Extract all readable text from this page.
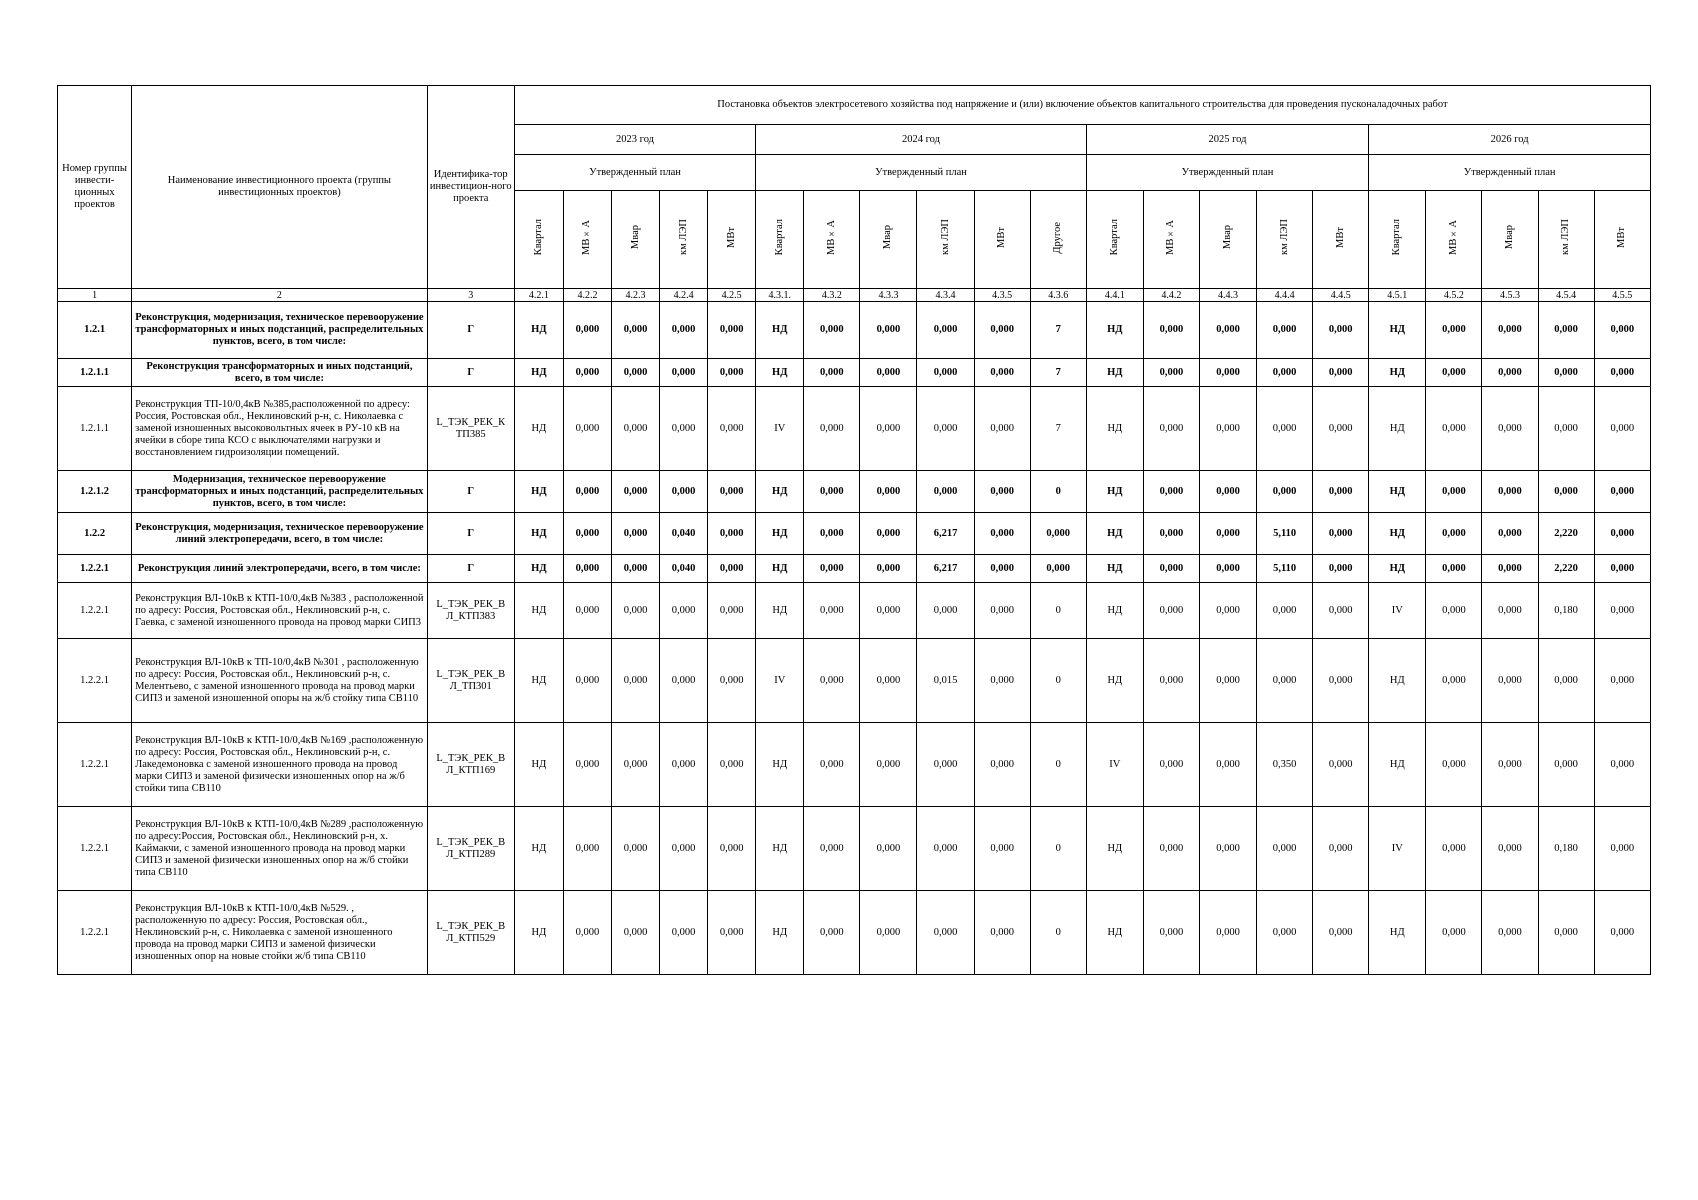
Номер группы инвести-ционных проектов	Наименование инвестиционного проекта (группы инвестиционных проектов)	Идентифика-тор инвестицион-ного проекта	Постановка объектов электросетевого хозяйства под напряжение и (или) включение объектов капитального строительства для проведения пусконаладочных работ																				
			2023 год					2024 год						2025 год					2026 год				
			Утвержденный план					Утвержденный план						Утвержденный план					Утвержденный план				
			Квартал	МВ×А	Мвар	км ЛЭП	МВт	Квартал	МВ×А	Мвар	км ЛЭП	МВт	Другое	Квартал	МВ×А	Мвар	км ЛЭП	МВт	Квартал	МВ×А	Мвар	км ЛЭП	МВт
1	2	3	4.2.1	4.2.2	4.2.3	4.2.4	4.2.5	4.3.1.	4.3.2	4.3.3	4.3.4	4.3.5	4.3.6	4.4.1	4.4.2	4.4.3	4.4.4	4.4.5	4.5.1	4.5.2	4.5.3	4.5.4	4.5.5
1.2.1	Реконструкция, модернизация, техническое перевооружение трансформаторных и иных подстанций, распределительных пунктов, всего, в том числе:	Г	НД	0,000	0,000	0,000	0,000	НД	0,000	0,000	0,000	0,000	7	НД	0,000	0,000	0,000	0,000	НД	0,000	0,000	0,000	0,000
1.2.1.1	Реконструкция трансформаторных и иных подстанций, всего, в том числе:	Г	НД	0,000	0,000	0,000	0,000	НД	0,000	0,000	0,000	0,000	7	НД	0,000	0,000	0,000	0,000	НД	0,000	0,000	0,000	0,000
1.2.1.1	Реконструкция ТП-10/0,4кВ №385,расположенной по адресу: Россия, Ростовская обл., Неклиновский р-н, с. Николаевка с заменой изношенных высоковольтных ячеек в РУ-10 кВ на ячейки в сборе типа КСО с выключателями нагрузки и восстановлением гидроизоляции помещений.	L_ТЭК_РЕК_К ТП385	НД	0,000	0,000	0,000	0,000	IV	0,000	0,000	0,000	0,000	7	НД	0,000	0,000	0,000	0,000	НД	0,000	0,000	0,000	0,000
1.2.1.2	Модернизация, техническое перевооружение трансформаторных и иных подстанций, распределительных пунктов, всего, в том числе:	Г	НД	0,000	0,000	0,000	0,000	НД	0,000	0,000	0,000	0,000	0	НД	0,000	0,000	0,000	0,000	НД	0,000	0,000	0,000	0,000
1.2.2	Реконструкция, модернизация, техническое перевооружение линий электропередачи, всего, в том числе:	Г	НД	0,000	0,000	0,040	0,000	НД	0,000	0,000	6,217	0,000	0,000	НД	0,000	0,000	5,110	0,000	НД	0,000	0,000	2,220	0,000
1.2.2.1	Реконструкция линий электропередачи, всего, в том числе:	Г	НД	0,000	0,000	0,040	0,000	НД	0,000	0,000	6,217	0,000	0,000	НД	0,000	0,000	5,110	0,000	НД	0,000	0,000	2,220	0,000
1.2.2.1	Реконструкция ВЛ-10кВ к КТП-10/0,4кВ №383 , расположенной по адресу: Россия, Ростовская обл., Неклиновский р-н, с. Гаевка, с заменой изношенного провода на провод марки СИП3	L_ТЭК_РЕК_В Л_КТП383	НД	0,000	0,000	0,000	0,000	НД	0,000	0,000	0,000	0,000	0	НД	0,000	0,000	0,000	0,000	IV	0,000	0,000	0,180	0,000
1.2.2.1	Реконструкция ВЛ-10кВ к ТП-10/0,4кВ №301 , расположенную по адресу: Россия, Ростовская обл., Неклиновский р-н, с. Мелентьево, с заменой изношенного провода на провод марки СИП3 и заменой изношенной опоры на ж/б стойку типа СВ110	L_ТЭК_РЕК_В Л_ТП301	НД	0,000	0,000	0,000	0,000	IV	0,000	0,000	0,015	0,000	0	НД	0,000	0,000	0,000	0,000	НД	0,000	0,000	0,000	0,000
1.2.2.1	Реконструкция ВЛ-10кВ к КТП-10/0,4кВ №169 ,расположенную по адресу: Россия, Ростовская обл., Неклиновский р-н, с. Лакедемоновка с заменой изношенного провода на провод марки СИП3 и заменой физически изношенных опор на ж/б стойки типа СВ110	L_ТЭК_РЕК_В Л_КТП169	НД	0,000	0,000	0,000	0,000	НД	0,000	0,000	0,000	0,000	0	IV	0,000	0,000	0,350	0,000	НД	0,000	0,000	0,000	0,000
1.2.2.1	Реконструкция ВЛ-10кВ к КТП-10/0,4кВ №289 ,расположенную по адресу:Россия, Ростовская обл., Неклиновский р-н, х. Каймакчи, с заменой изношенного провода на провод марки СИП3 и заменой физически изношенных опор на ж/б стойки типа СВ110	L_ТЭК_РЕК_В Л_КТП289	НД	0,000	0,000	0,000	0,000	НД	0,000	0,000	0,000	0,000	0	НД	0,000	0,000	0,000	0,000	IV	0,000	0,000	0,180	0,000
1.2.2.1	Реконструкция ВЛ-10кВ к КТП-10/0,4кВ №529. , расположенную по адресу: Россия, Ростовская обл., Неклиновский р-н, с. Николаевка с заменой изношенного провода на провод марки СИП3 и заменой физически изношенных опор на новые стойки ж/б типа СВ110	L_ТЭК_РЕК_В Л_КТП529	НД	0,000	0,000	0,000	0,000	НД	0,000	0,000	0,000	0,000	0	НД	0,000	0,000	0,000	0,000	НД	0,000	0,000	0,000	0,000
